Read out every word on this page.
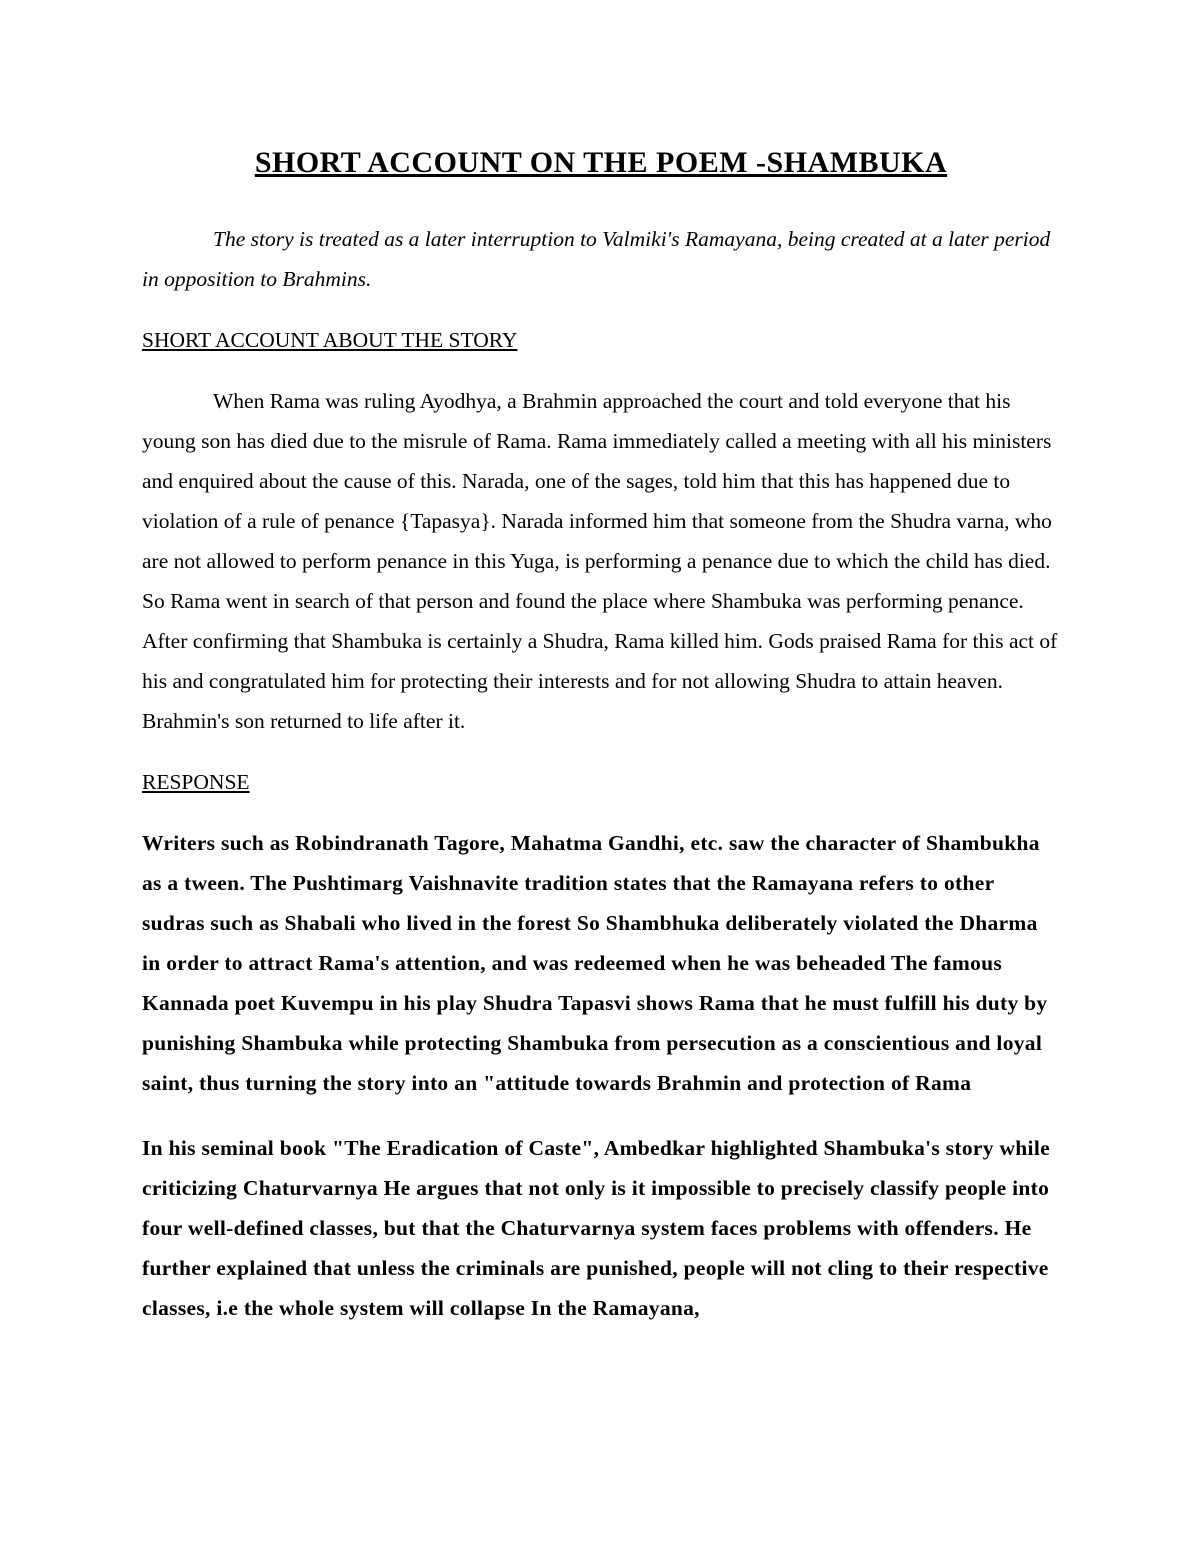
SHORT ACCOUNT ON THE POEM -SHAMBUKA

The story is treated as a later interruption to Valmiki's Ramayana, being created at a later period in opposition to Brahmins.

SHORT ACCOUNT ABOUT THE STORY

When Rama was ruling Ayodhya, a Brahmin approached the court and told everyone that his young son has died due to the misrule of Rama. Rama immediately called a meeting with all his ministers and enquired about the cause of this. Narada, one of the sages, told him that this has happened due to violation of a rule of penance {Tapasya}. Narada informed him that someone from the Shudra varna, who are not allowed to perform penance in this Yuga, is performing a penance due to which the child has died. So Rama went in search of that person and found the place where Shambuka was performing penance. After confirming that Shambuka is certainly a Shudra, Rama killed him. Gods praised Rama for this act of his and congratulated him for protecting their interests and for not allowing Shudra to attain heaven. Brahmin's son returned to life after it.

RESPONSE

Writers such as Robindranath Tagore, Mahatma Gandhi, etc. saw the character of Shambukha as a tween. The Pushtimarg Vaishnavite tradition states that the Ramayana refers to other sudras such as Shabali who lived in the forest So Shambhuka deliberately violated the Dharma in order to attract Rama's attention, and was redeemed when he was beheaded The famous Kannada poet Kuvempu in his play Shudra Tapasvi shows Rama that he must fulfill his duty by punishing Shambuka while protecting Shambuka from persecution as a conscientious and loyal saint, thus turning the story into an "attitude towards Brahmin and protection of Rama

In his seminal book "The Eradication of Caste", Ambedkar highlighted Shambuka's story while criticizing Chaturvarnya He argues that not only is it impossible to precisely classify people into four well-defined classes, but that the Chaturvarnya system faces problems with offenders. He further explained that unless the criminals are punished, people will not cling to their respective classes, i.e the whole system will collapse In the Ramayana,
